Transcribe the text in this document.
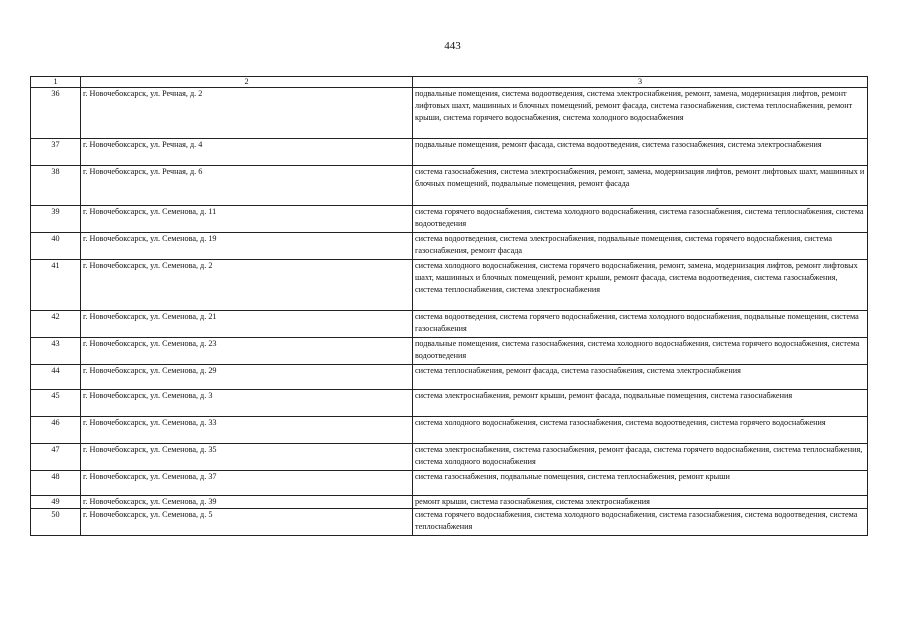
443
1	2	3
36	г. Новочебоксарск, ул. Речная, д. 2	подвальные помещения, система водоотведения, система электроснабжения, ремонт, замена, модернизация лифтов, ремонт лифтовых шахт, машинных и блочных помещений, ремонт фасада, система газоснабжения, система теплоснабжения, ремонт крыши, система горячего водоснабжения, система холодного водоснабжения
37	г. Новочебоксарск, ул. Речная, д. 4	подвальные помещения, ремонт фасада, система водоотведения, система газоснабжения, система электроснабжения
38	г. Новочебоксарск, ул. Речная, д. 6	система газоснабжения, система электроснабжения, ремонт, замена, модернизация лифтов, ремонт лифтовых шахт, машинных и блочных помещений, подвальные помещения, ремонт фасада
39	г. Новочебоксарск, ул. Семенова, д. 11	система горячего водоснабжения, система холодного водоснабжения, система газоснабжения, система теплоснабжения, система водоотведения
40	г. Новочебоксарск, ул. Семенова, д. 19	система водоотведения, система электроснабжения, подвальные помещения, система горячего водоснабжения, система газоснабжения, ремонт фасада
41	г. Новочебоксарск, ул. Семенова, д. 2	система холодного водоснабжения, система горячего водоснабжения, ремонт, замена, модернизация лифтов, ремонт лифтовых шахт, машинных и блочных помещений, ремонт крыши, ремонт фасада, система водоотведения, система газоснабжения, система теплоснабжения, система электроснабжения
42	г. Новочебоксарск, ул. Семенова, д. 21	система водоотведения, система горячего водоснабжения, система холодного водоснабжения, подвальные помещения, система газоснабжения
43	г. Новочебоксарск, ул. Семенова, д. 23	подвальные помещения, система газоснабжения, система холодного водоснабжения, система горячего водоснабжения, система водоотведения
44	г. Новочебоксарск, ул. Семенова, д. 29	система теплоснабжения, ремонт фасада, система газоснабжения, система электроснабжения
45	г. Новочебоксарск, ул. Семенова, д. 3	система электроснабжения, ремонт крыши, ремонт фасада, подвальные помещения, система газоснабжения
46	г. Новочебоксарск, ул. Семенова, д. 33	система холодного водоснабжения, система газоснабжения, система водоотведения, система горячего водоснабжения
47	г. Новочебоксарск, ул. Семенова, д. 35	система электроснабжения, система газоснабжения, ремонт фасада, система горячего водоснабжения, система теплоснабжения, система холодного водоснабжения
48	г. Новочебоксарск, ул. Семенова, д. 37	система газоснабжения, подвальные помещения, система теплоснабжения, ремонт крыши
49	г. Новочебоксарск, ул. Семенова, д. 39	ремонт крыши, система газоснабжения, система электроснабжения
50	г. Новочебоксарск, ул. Семенова, д. 5	система горячего водоснабжения, система холодного водоснабжения, система газоснабжения, система водоотведения, система теплоснабжения
